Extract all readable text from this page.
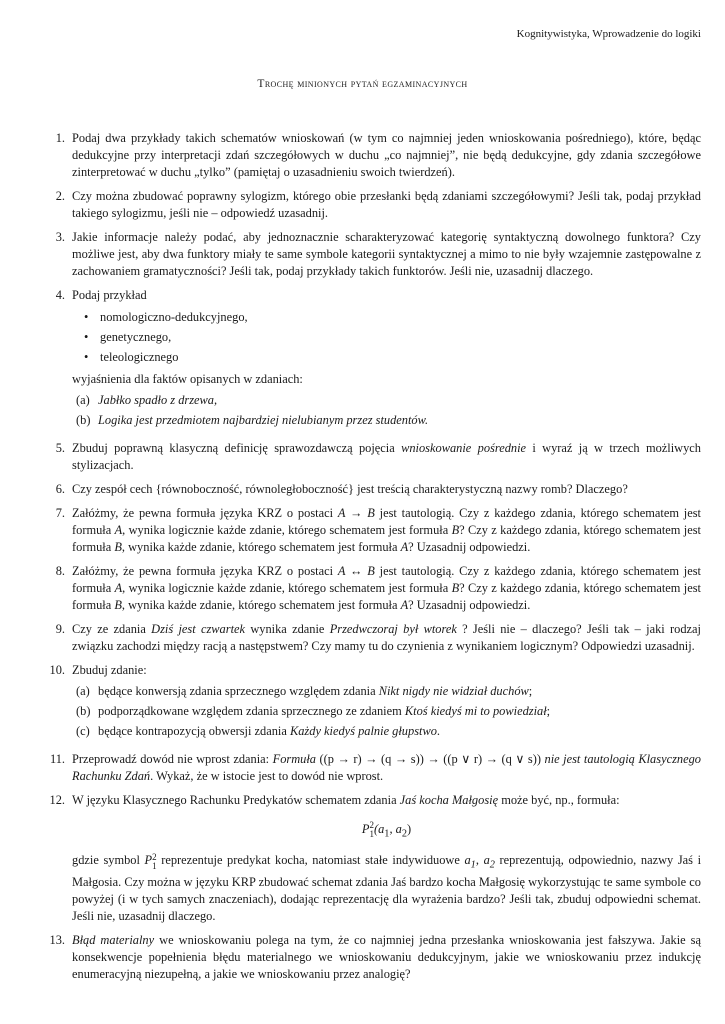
Kognitywistyka, Wprowadzenie do logiki
Trochę minionych pytań egzaminacyjnych
1. Podaj dwa przykłady takich schematów wnioskowań (w tym co najmniej jeden wnioskowania pośredniego), które, będąc dedukcyjne przy interpretacji zdań szczegółowych w duchu „co najmniej”, nie będą dedukcyjne, gdy zdania szczegółowe zinterpretować w duchu „tylko” (pamiętaj o uzasadnieniu swoich twierdzeń).
2. Czy można zbudować poprawny sylogizm, którego obie przesłanki będą zdaniami szczegółowymi? Jeśli tak, podaj przykład takiego sylogizmu, jeśli nie – odpowiedź uzasadnij.
3. Jakie informacje należy podać, aby jednoznacznie scharakteryzować kategorię syntaktyczną dowolnego funktora? Czy możliwe jest, aby dwa funktory miały te same symbole kategorii syntaktycznej a mimo to nie były wzajemnie zastępowalne z zachowaniem gramatyczności? Jeśli tak, podaj przykłady takich funktorów. Jeśli nie, uzasadnij dlaczego.
4. Podaj przykład

• nomologiczno-dedukcyjnego,
• genetycznego,
• teleologicznego

wyjaśnienia dla faktów opisanych w zdaniach:

(a) Jabłko spadło z drzewa,
(b) Logika jest przedmiotem najbardziej nielubianym przez studentów.
5. Zbuduj poprawną klasyczną definicję sprawozdawczą pojęcia wnioskowanie pośrednie i wyraź ją w trzech możliwych stylizacjach.
6. Czy zespół cech {równoboczność, równoległoboczność} jest treścią charakterystyczną nazwy romb? Dlaczego?
7. Załóżmy, że pewna formuła języka KRZ o postaci A → B jest tautologią. Czy z każdego zdania, którego schematem jest formuła A, wynika logicznie każde zdanie, którego schematem jest formuła B? Czy z każdego zdania, którego schematem jest formuła B, wynika każde zdanie, którego schematem jest formuła A? Uzasadnij odpowiedzi.
8. Załóżmy, że pewna formuła języka KRZ o postaci A ↔ B jest tautologią. Czy z każdego zdania, którego schematem jest formuła A, wynika logicznie każde zdanie, którego schematem jest formuła B? Czy z każdego zdania, którego schematem jest formuła B, wynika każde zdanie, którego schematem jest formuła A? Uzasadnij odpowiedzi.
9. Czy ze zdania Dziś jest czwartek wynika zdanie Przedwczoraj był wtorek ? Jeśli nie – dlaczego? Jeśli tak – jaki rodzaj związku zachodzi między racją a następstwem? Czy mamy tu do czynienia z wynikaniem logicznym? Odpowiedzi uzasadnij.
10. Zbuduj zdanie:

(a) będące konwersją zdania sprzecznego względem zdania Nikt nigdy nie widział duchów;
(b) podporządkowane względem zdania sprzecznego ze zdaniem Ktoś kiedyś mi to powiedział;
(c) będące kontrapozycją obwersji zdania Każdy kiedyś palnie głupstwo.
11. Przeprowadź dowód nie wprost zdania: Formuła ((p → r) → (q → s)) → ((p ∨ r) → (q ∨ s)) nie jest tautologią Klasycznego Rachunku Zdań. Wykaż, że w istocie jest to dowód nie wprost.
12. W języku Klasycznego Rachunku Predykatów schematem zdania Jaś kocha Małgosię może być, np., formuła:

P 2
1 ($a_1$, $a_2$)

gdzie symbol P 2
1 reprezentuje predykat kocha, natomiast stałe indywiduowe $a_1$, $a_2$ reprezentują, odpowiednio, nazwy Jaś i Małgosia. Czy można w języku KRP zbudować schemat zdania Jaś bardzo kocha Małgosię wykorzystując te same symbole co powyżej (i w tych samych znaczeniach), dodając reprezentację dla wyrażenia bardzo? Jeśli tak, zbuduj odpowiedni schemat. Jeśli nie, uzasadnij dlaczego.

13. Błąd materialny we wnioskowaniu polega na tym, że co najmniej jedna przesłanka wnioskowania jest fałszywa. Jakie są konsekwencje popełnienia błędu materialnego we wnioskowaniu dedukcyjnym, jakie we wnioskowaniu przez indukcję enumeracyjną niezupełną, a jakie we wnioskowaniu przez analogię?
